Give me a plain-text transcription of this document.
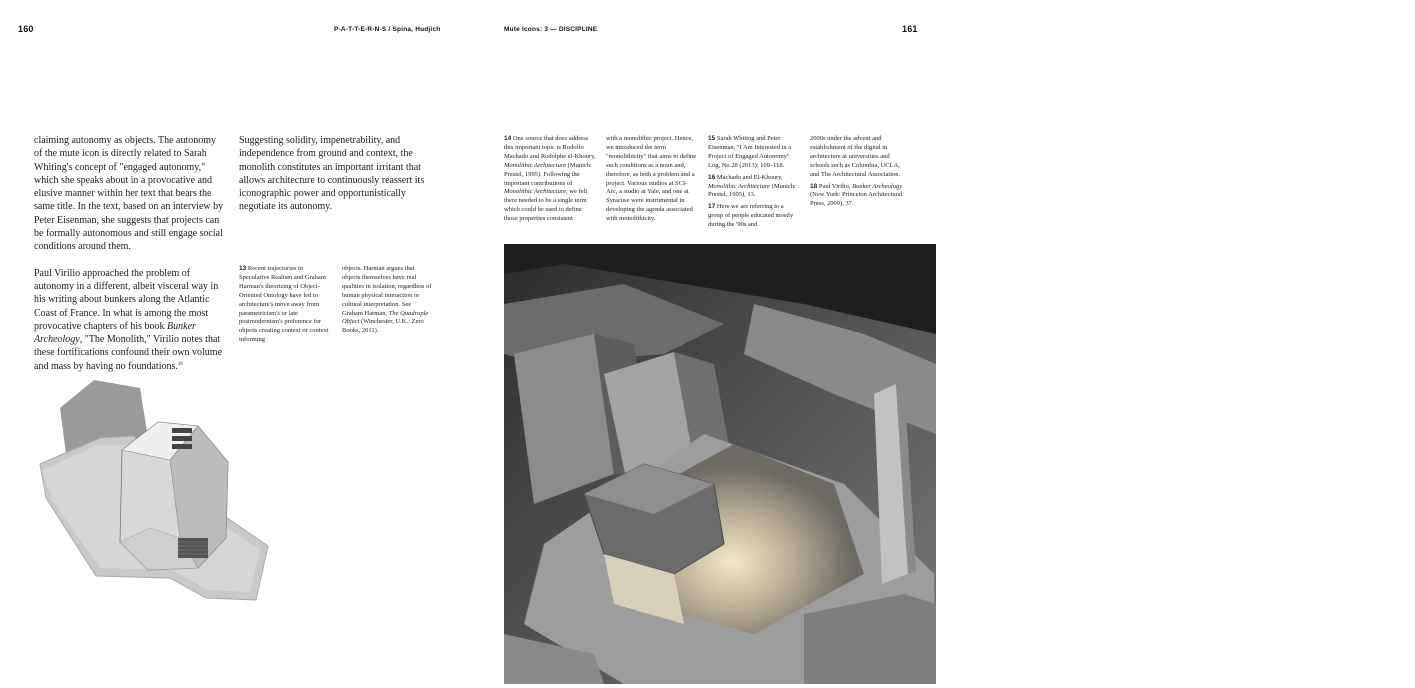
160	P-A-T-T-E-R-N-S / Spina, Hudjich	Mute Icons: 3 — DISCIPLINE	161

claiming autonomy as objects. The autonomy of the mute icon is directly related to Sarah Whiting's concept of "engaged autonomy," which she speaks about in a provocative and elusive manner within her text that bears the same title. In the text, based on an interview by Peter Eisenman, she suggests that projects can be formally autonomous and still engage social conditions around them.

Paul Virilio approached the problem of autonomy in a different, albeit visceral way in his writing about bunkers along the Atlantic Coast of France. In what is among the most provocative chapters of his book Bunker Archeology, "The Monolith," Virilio notes that these fortifications confound their own volume and mass by having no foundations.$^{18}$

Suggesting solidity, impenetrability, and independence from ground and context, the monolith constitutes an important irritant that allows architecture to continuously reassert its iconographic power and opportunistically negotiate its autonomy.

13 Recent trajectories in Speculative Realism and Graham Harman's theorizing of Object-Oriented Ontology have led to architecture's move away from parametricism's or late postmodernism's preference for objects creating context or context informing
objects. Harman argues that objects themselves have real qualities in isolation, regardless of human physical interaction or cultural interpretation. See Graham Harman, The Quadruple Object (Winchester, U.K.: Zero Books, 2011).
14 One source that does address this important topic is Rodolfo Machado and Rodolphe el-Khoury, Monolithic Architecture (Munich: Prestel, 1995). Following the important contributions of Monolithic Architecture, we felt there needed to be a single term which could be used to define those properties consistent
with a monolithic project. Hence, we introduced the term "monolithicity" that aims to define such conditions as a noun and, therefore, as both a problem and a project. Various studios at SCI-Arc, a studio at Yale, and one at Syracuse were instrumental in developing the agenda associated with monolithicity.

15 Sarah Whiting and Peter Eisenman, "I Am Interested in a Project of Engaged Autonomy" Log, No.28 (2013): 109–118.

16 Machado and El-Khoury, Monolithic Architecture (Munich: Prestel, 1995), 13.

17 Here we are referring to a group of people educated mostly during the '90s and

2000s under the advent and establishment of the digital in architecture at universities and schools such as Columbia, UCLA, and The Architectural Association.

18 Paul Virilio, Bunker Archeology (New York: Princeton Architectural Press, 2009), 37.

3.04: Monolithicity
